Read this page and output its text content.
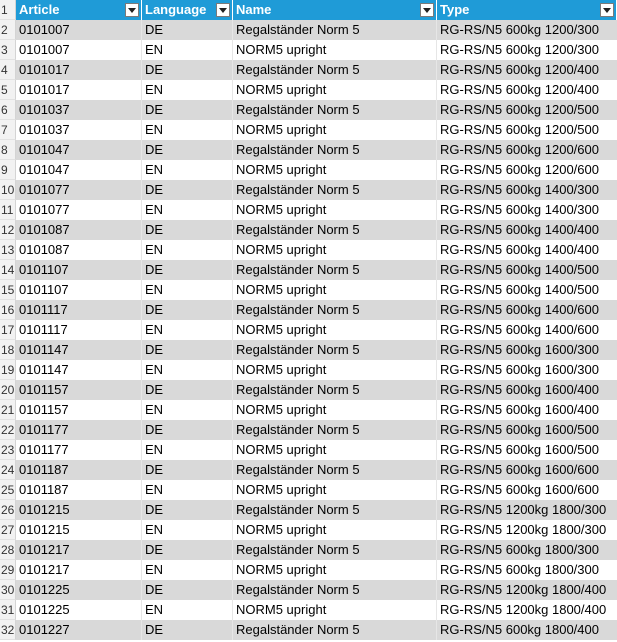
1 Article	Language	Name	Type
2 0101007	DE	Regalständer Norm 5	RG-RS/N5 600kg 1200/300
3 0101007	EN	NORM5 upright	RG-RS/N5 600kg 1200/300
4 0101017	DE	Regalständer Norm 5	RG-RS/N5 600kg 1200/400
5 0101017	EN	NORM5 upright	RG-RS/N5 600kg 1200/400
6 0101037	DE	Regalständer Norm 5	RG-RS/N5 600kg 1200/500
7 0101037	EN	NORM5 upright	RG-RS/N5 600kg 1200/500
8 0101047	DE	Regalständer Norm 5	RG-RS/N5 600kg 1200/600
9 0101047	EN	NORM5 upright	RG-RS/N5 600kg 1200/600
10 0101077	DE	Regalständer Norm 5	RG-RS/N5 600kg 1400/300
11 0101077	EN	NORM5 upright	RG-RS/N5 600kg 1400/300
12 0101087	DE	Regalständer Norm 5	RG-RS/N5 600kg 1400/400
13 0101087	EN	NORM5 upright	RG-RS/N5 600kg 1400/400
14 0101107	DE	Regalständer Norm 5	RG-RS/N5 600kg 1400/500
15 0101107	EN	NORM5 upright	RG-RS/N5 600kg 1400/500
16 0101117	DE	Regalständer Norm 5	RG-RS/N5 600kg 1400/600
17 0101117	EN	NORM5 upright	RG-RS/N5 600kg 1400/600
18 0101147	DE	Regalständer Norm 5	RG-RS/N5 600kg 1600/300
19 0101147	EN	NORM5 upright	RG-RS/N5 600kg 1600/300
20 0101157	DE	Regalständer Norm 5	RG-RS/N5 600kg 1600/400
21 0101157	EN	NORM5 upright	RG-RS/N5 600kg 1600/400
22 0101177	DE	Regalständer Norm 5	RG-RS/N5 600kg 1600/500
23 0101177	EN	NORM5 upright	RG-RS/N5 600kg 1600/500
24 0101187	DE	Regalständer Norm 5	RG-RS/N5 600kg 1600/600
25 0101187	EN	NORM5 upright	RG-RS/N5 600kg 1600/600
26 0101215	DE	Regalständer Norm 5	RG-RS/N5 1200kg 1800/300
27 0101215	EN	NORM5 upright	RG-RS/N5 1200kg 1800/300
28 0101217	DE	Regalständer Norm 5	RG-RS/N5 600kg 1800/300
29 0101217	EN	NORM5 upright	RG-RS/N5 600kg 1800/300
30 0101225	DE	Regalständer Norm 5	RG-RS/N5 1200kg 1800/400
31 0101225	EN	NORM5 upright	RG-RS/N5 1200kg 1800/400
32 0101227	DE	Regalständer Norm 5	RG-RS/N5 600kg 1800/400
